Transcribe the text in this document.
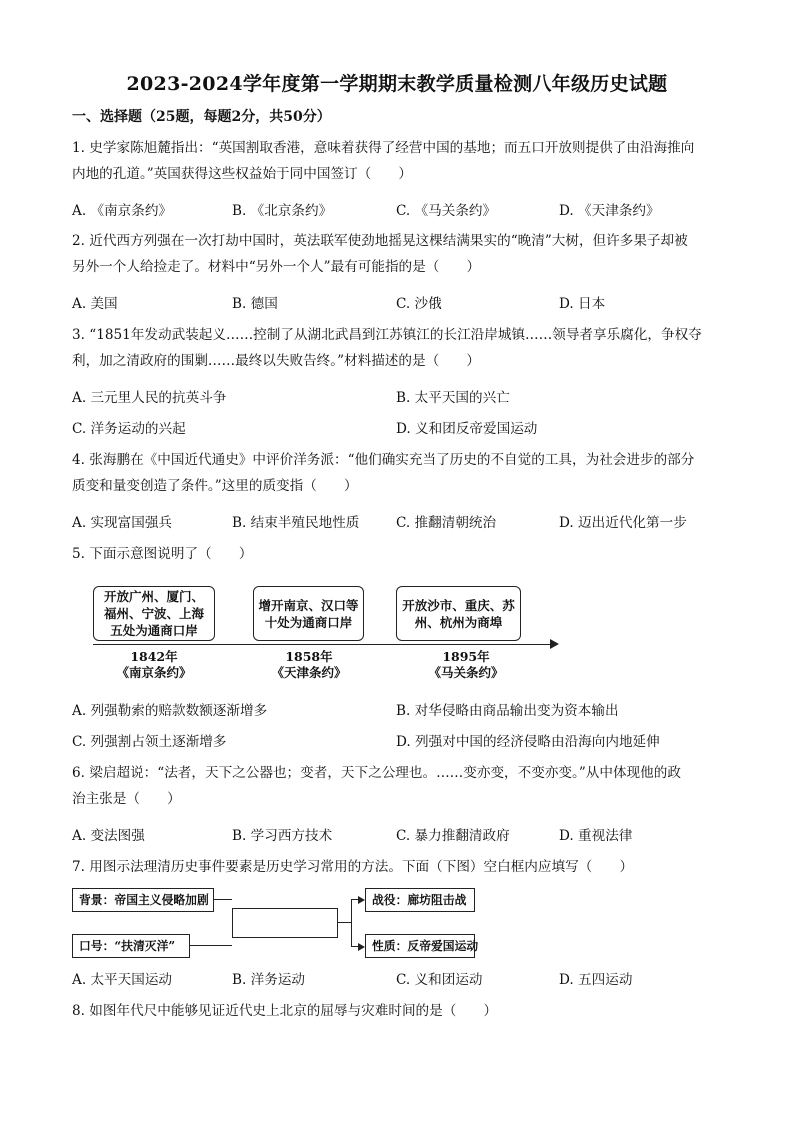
2023-2024学年度第一学期期末教学质量检测八年级历史试题
一、选择题（25题，每题2分，共50分）
1. 史学家陈旭麓指出：“英国割取香港，意味着获得了经营中国的基地；而五口开放则提供了由沿海推向
内地的孔道。”英国获得这些权益始于同中国签订（　　）
A. 《南京条约》	B. 《北京条约》	C. 《马关条约》	D. 《天津条约》
2. 近代西方列强在一次打劫中国时，英法联军使劲地摇晃这棵结满果实的“晚清”大树，但许多果子却被
另外一个人给捡走了。材料中“另外一个人”最有可能指的是（　　）
A. 美国	B. 德国	C. 沙俄	D. 日本
3. “1851年发动武装起义……控制了从湖北武昌到江苏镇江的长江沿岸城镇……领导者享乐腐化，争权夺
利，加之清政府的围剿……最终以失败告终。”材料描述的是（　　）
A. 三元里人民的抗英斗争	B. 太平天国的兴亡
C. 洋务运动的兴起	D. 义和团反帝爱国运动
4. 张海鹏在《中国近代通史》中评价洋务派：“他们确实充当了历史的不自觉的工具，为社会进步的部分
质变和量变创造了条件。”这里的质变指（　　）
A. 实现富国强兵	B. 结束半殖民地性质	C. 推翻清朝统治	D. 迈出近代化第一步
5. 下面示意图说明了（　　）
开放广州、厦门、福州、宁波、上海五处为通商口岸
增开南京、汉口等十处为通商口岸
开放沙市、重庆、苏州、杭州为商埠
1842年
《南京条约》
1858年
《天津条约》
1895年
《马关条约》
A. 列强勒索的赔款数额逐渐增多	B. 对华侵略由商品输出变为资本输出
C. 列强割占领土逐渐增多	D. 列强对中国的经济侵略由沿海向内地延伸
6. 梁启超说：“法者，天下之公器也；变者，天下之公理也。……变亦变，不变亦变。”从中体现他的政
治主张是（　　）
A. 变法图强	B. 学习西方技术	C. 暴力推翻清政府	D. 重视法律
7. 用图示法理清历史事件要素是历史学习常用的方法。下面（下图）空白框内应填写（　　）
背景：帝国主义侵略加剧
口号：“扶清灭洋”
战役：廊坊阻击战
性质：反帝爱国运动
A. 太平天国运动	B. 洋务运动	C. 义和团运动	D. 五四运动
8. 如图年代尺中能够见证近代史上北京的屈辱与灾难时间的是（　　）
